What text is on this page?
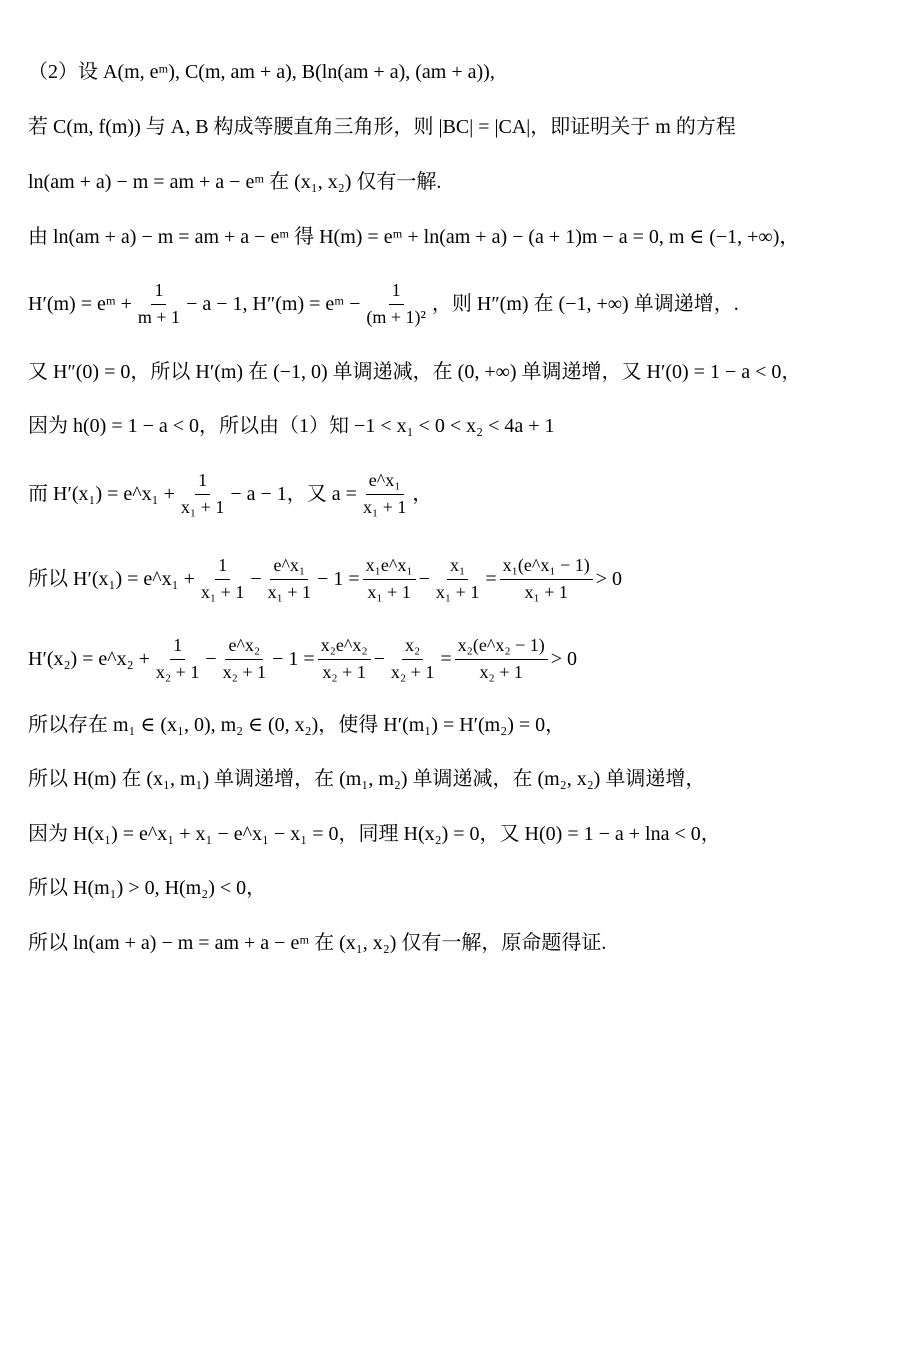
（2）设 A(m, eᵐ), C(m, am + a), B(ln(am + a), (am + a)),
若 C(m, f(m)) 与 A, B 构成等腰直角三角形，则 |BC| = |CA|，即证明关于 m 的方程
ln(am + a) − m = am + a − eᵐ 在 (x₁, x₂) 仅有一解.
由 ln(am + a) − m = am + a − eᵐ 得 H(m) = eᵐ + ln(am + a) − (a + 1)m − a = 0, m ∈ (−1, +∞)，
H′(m) = eᵐ + $\frac{1}{m + 1} - a - 1$, H″(m) = eᵐ − $\frac{1}{\text{(m + 1)²}}$ ，则 H″(m) 在 (−1, +∞) 单调递增，.
又 H″(0) = 0，所以 H′(m) 在 (−1, 0) 单调递减，在 (0, +∞) 单调递增，又 H′(0) = 1 − a < 0，
因为 h(0) = 1 − a < 0，所以由（1）知 −1 < x₁ < 0 < x₂ < 4a + 1
而 H′(x₁) = e^x₁ + $\frac{1}{\text{x₁ + 1}} - a - 1$，又 $a = \frac{\text{e\textasciicircum{}x₁}}{\text{x₁ + 1}}$ ，
所以 H′(x₁) = e^x₁ + $\frac{1}{\text{x₁ + 1}} - \frac{\text{e\textasciicircum{}x₁}}{\text{x₁ + 1}} - 1 = \frac{\text{x₁e\textasciicircum{}x₁}}{\text{x₁ + 1}} - \frac{\text{x₁}}{\text{x₁ + 1}} = \frac{\text{x₁(e\textasciicircum{}x₁ − 1)}}{\text{x₁ + 1}} > 0$
H′(x₂) = e^x₂ + $\frac{1}{\text{x₂ + 1}} - \frac{\text{e\textasciicircum{}x₂}}{\text{x₂ + 1}} - 1 = \frac{\text{x₂e\textasciicircum{}x₂}}{\text{x₂ + 1}} - \frac{\text{x₂}}{\text{x₂ + 1}} = \frac{\text{x₂(e\textasciicircum{}x₂ − 1)}}{\text{x₂ + 1}} > 0$
所以存在 m₁ ∈ (x₁, 0), m₂ ∈ (0, x₂)，使得 H′(m₁) = H′(m₂) = 0，
所以 H(m) 在 (x₁, m₁) 单调递增，在 (m₁, m₂) 单调递减，在 (m₂, x₂) 单调递增，
因为 H(x₁) = e^x₁ + x₁ − e^x₁ − x₁ = 0，同理 H(x₂) = 0，又 H(0) = 1 − a + lna < 0，
所以 H(m₁) > 0, H(m₂) < 0，
所以 ln(am + a) − m = am + a − eᵐ 在 (x₁, x₂) 仅有一解，原命题得证.
